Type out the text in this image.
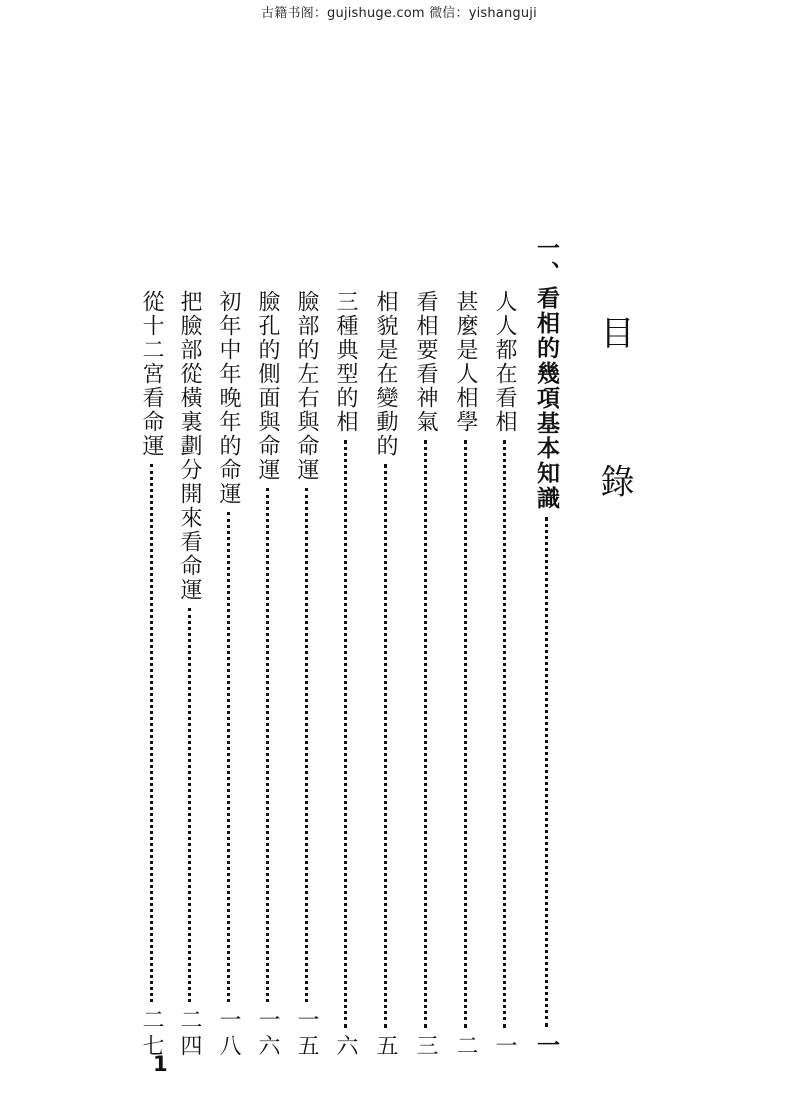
古籍书阁：gujishuge.com 微信：yishanguji
目 錄
一、看相的幾項基本知識
一
人人都在看相
一
甚麼是人相學
二
看相要看神氣
三
相貌是在變動的
五
三種典型的相
六
臉部的左右與命運
一五
臉孔的側面與命運
一六
初年中年晚年的命運
一八
把臉部從橫裏劃分開來看命運
二四
從十二宮看命運
二七
1
